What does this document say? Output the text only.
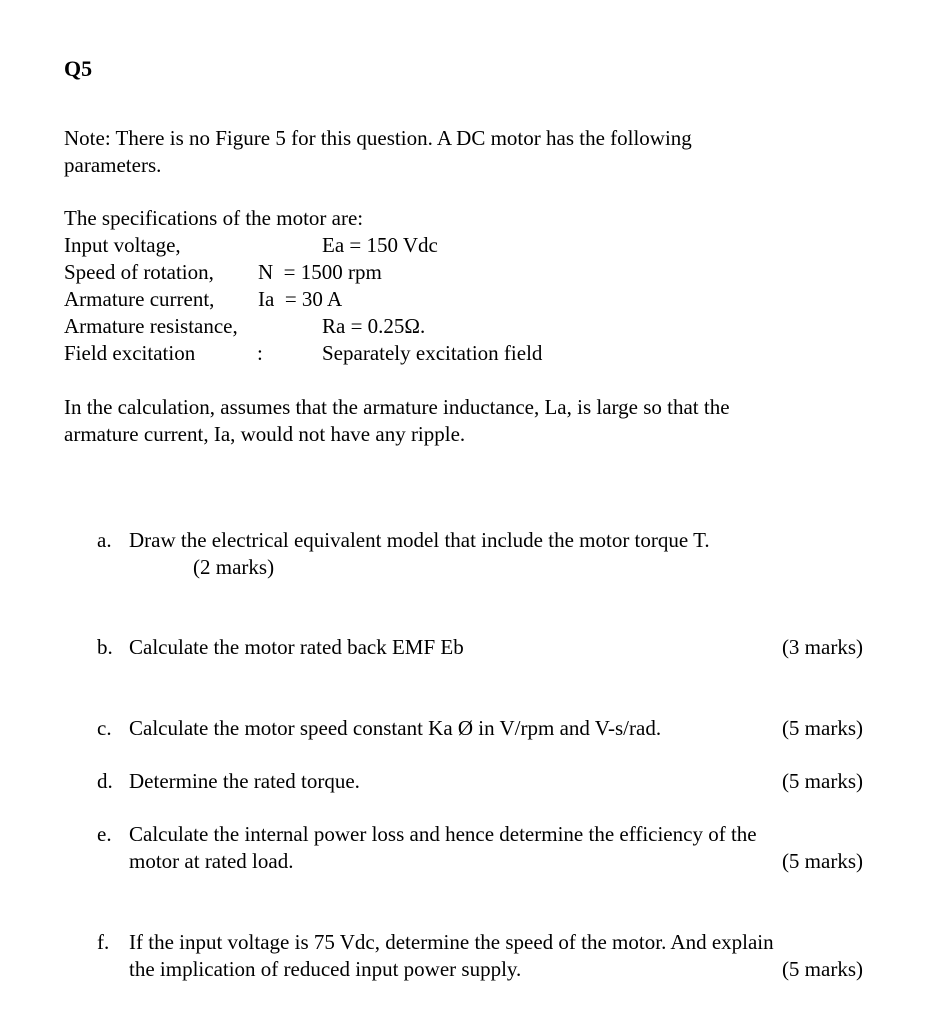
Q5
Note: There is no Figure 5 for this question. A DC motor has the following
parameters.
The specifications of the motor are:
Input voltage,	Ea = 150 Vdc
Speed of rotation, N  = 1500 rpm
Armature current, Ia  = 30 A
Armature resistance,	Ra = 0.25Ω.
Field excitation	:	Separately excitation field
In the calculation, assumes that the armature inductance, La, is large so that the
armature current, Ia, would not have any ripple.
a. Draw the electrical equivalent model that include the motor torque T.
(2 marks)
b. Calculate the motor rated back EMF Eb	(3 marks)
c. Calculate the motor speed constant Ka Ø in V/rpm and V-s/rad.	(5 marks)
d. Determine the rated torque.	(5 marks)
e. Calculate the internal power loss and hence determine the efficiency of the
motor at rated load.	(5 marks)
f. If the input voltage is 75 Vdc, determine the speed of the motor. And explain
the implication of reduced input power supply.	(5 marks)
